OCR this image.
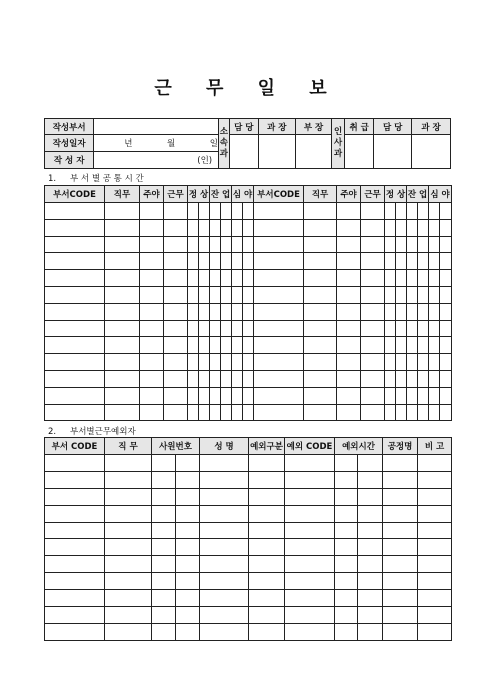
근 무 일 보
작성부서		소속과	담 당	과 장	부 장	인사과	취 급	담 당	과 장
작성일자	년 월 일								
작 성 자	(인)								
1. 부 서 별 공 통 시 간
부서CODE	직무	주야	근무	정 상		잔 업		심 야		부서CODE	직무	주야	근무	정 상		잔 업		심 야	

2. 부서별근무예외자
부서 CODE	직 무	사원번호		성 명	예외구분	예외 CODE	예외시간		공정명	비 고
